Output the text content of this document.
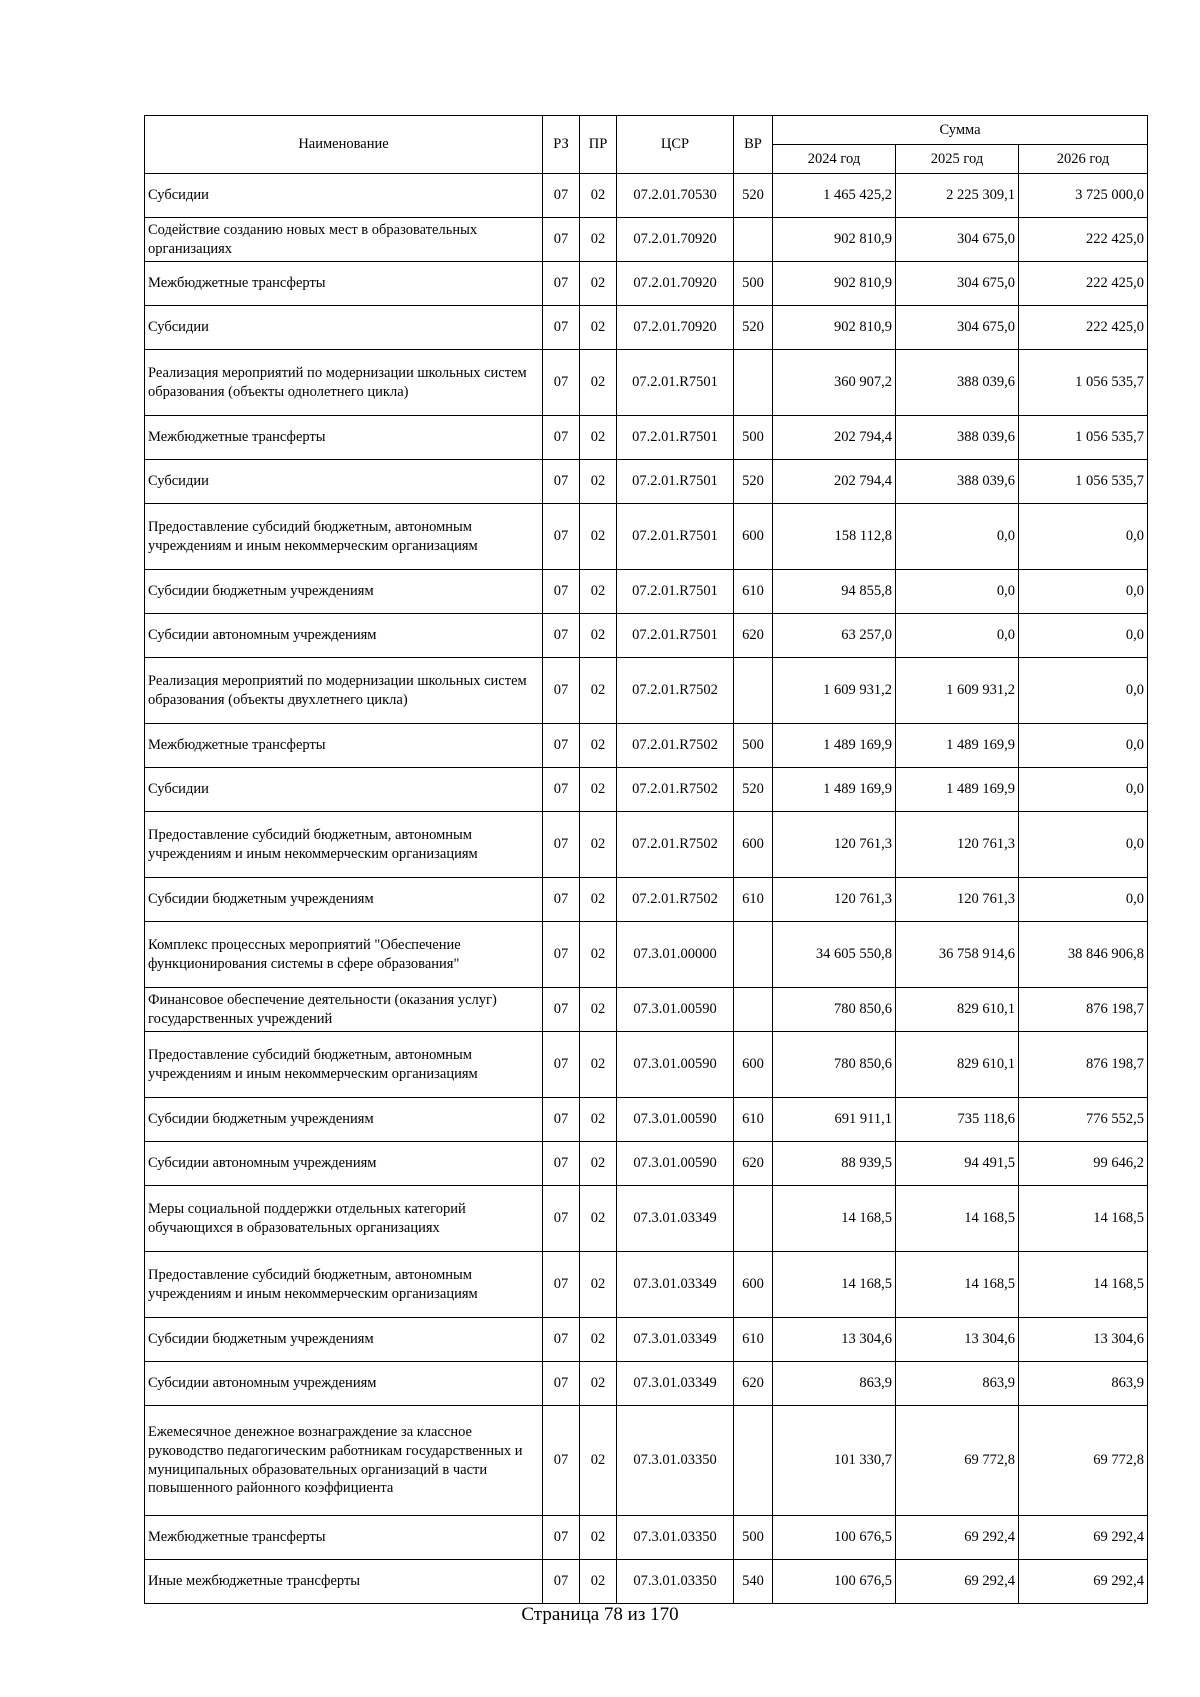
Наименование	РЗ	ПР	ЦСР	ВР	Сумма		
					2024 год	2025 год	2026 год
Субсидии	07	02	07.2.01.70530	520	1 465 425,2	2 225 309,1	3 725 000,0
Содействие созданию новых мест в образовательных организациях	07	02	07.2.01.70920		902 810,9	304 675,0	222 425,0
Межбюджетные трансферты	07	02	07.2.01.70920	500	902 810,9	304 675,0	222 425,0
Субсидии	07	02	07.2.01.70920	520	902 810,9	304 675,0	222 425,0
Реализация мероприятий по модернизации школьных систем образования (объекты однолетнего цикла)	07	02	07.2.01.R7501		360 907,2	388 039,6	1 056 535,7
Межбюджетные трансферты	07	02	07.2.01.R7501	500	202 794,4	388 039,6	1 056 535,7
Субсидии	07	02	07.2.01.R7501	520	202 794,4	388 039,6	1 056 535,7
Предоставление субсидий бюджетным, автономным учреждениям и иным некоммерческим организациям	07	02	07.2.01.R7501	600	158 112,8	0,0	0,0
Субсидии бюджетным учреждениям	07	02	07.2.01.R7501	610	94 855,8	0,0	0,0
Субсидии автономным учреждениям	07	02	07.2.01.R7501	620	63 257,0	0,0	0,0
Реализация мероприятий по модернизации школьных систем образования (объекты двухлетнего цикла)	07	02	07.2.01.R7502		1 609 931,2	1 609 931,2	0,0
Межбюджетные трансферты	07	02	07.2.01.R7502	500	1 489 169,9	1 489 169,9	0,0
Субсидии	07	02	07.2.01.R7502	520	1 489 169,9	1 489 169,9	0,0
Предоставление субсидий бюджетным, автономным учреждениям и иным некоммерческим организациям	07	02	07.2.01.R7502	600	120 761,3	120 761,3	0,0
Субсидии бюджетным учреждениям	07	02	07.2.01.R7502	610	120 761,3	120 761,3	0,0
Комплекс процессных мероприятий "Обеспечение функционирования системы в сфере образования"	07	02	07.3.01.00000		34 605 550,8	36 758 914,6	38 846 906,8
Финансовое обеспечение деятельности (оказания услуг) государственных учреждений	07	02	07.3.01.00590		780 850,6	829 610,1	876 198,7
Предоставление субсидий бюджетным, автономным учреждениям и иным некоммерческим организациям	07	02	07.3.01.00590	600	780 850,6	829 610,1	876 198,7
Субсидии бюджетным учреждениям	07	02	07.3.01.00590	610	691 911,1	735 118,6	776 552,5
Субсидии автономным учреждениям	07	02	07.3.01.00590	620	88 939,5	94 491,5	99 646,2
Меры социальной поддержки отдельных категорий обучающихся в образовательных организациях	07	02	07.3.01.03349		14 168,5	14 168,5	14 168,5
Предоставление субсидий бюджетным, автономным учреждениям и иным некоммерческим организациям	07	02	07.3.01.03349	600	14 168,5	14 168,5	14 168,5
Субсидии бюджетным учреждениям	07	02	07.3.01.03349	610	13 304,6	13 304,6	13 304,6
Субсидии автономным учреждениям	07	02	07.3.01.03349	620	863,9	863,9	863,9
Ежемесячное денежное вознаграждение за классное руководство педагогическим работникам государственных и муниципальных образовательных организаций в части повышенного районного коэффициента	07	02	07.3.01.03350		101 330,7	69 772,8	69 772,8
Межбюджетные трансферты	07	02	07.3.01.03350	500	100 676,5	69 292,4	69 292,4
Иные межбюджетные трансферты	07	02	07.3.01.03350	540	100 676,5	69 292,4	69 292,4
Страница 78 из 170
